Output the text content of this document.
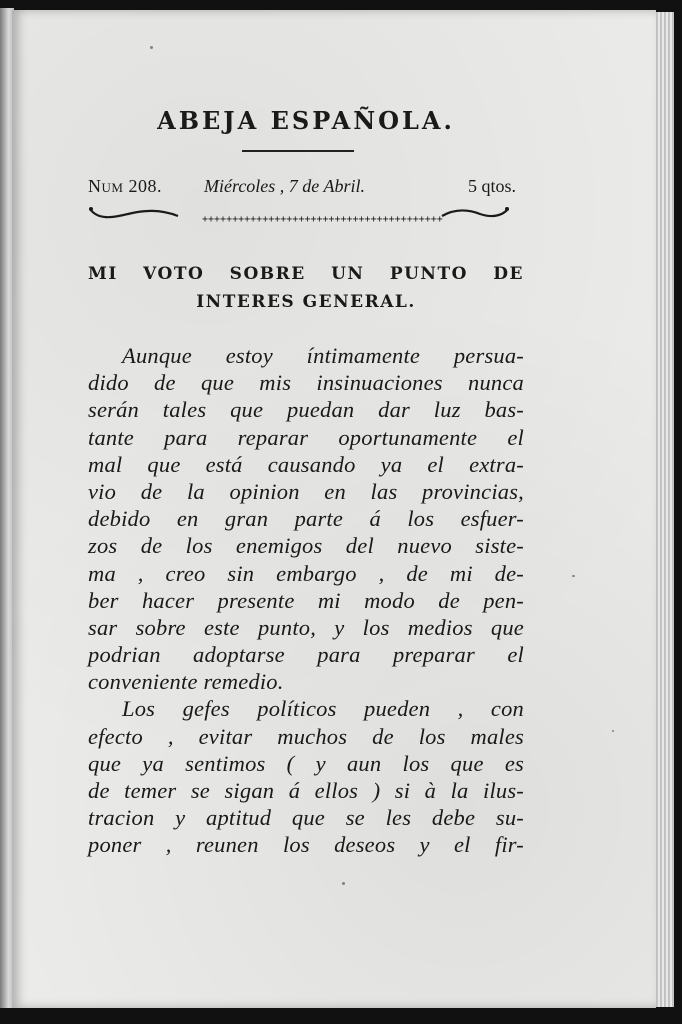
ABEJA ESPAÑOLA.
Num 208. Miércoles , 7 de Abril.	5 qtos.
++++++++++++++++++++++++++++++++++++++++
MI VOTO SOBRE UN PUNTO DE
INTERES GENERAL.
Aunque estoy íntimamente persua-
dido de que mis insinuaciones nunca
serán tales que puedan dar luz bas-
tante para reparar oportunamente el
mal que está causando ya el extra-
vio de la opinion en las provincias,
debido en gran parte á los esfuer-
zos de los enemigos del nuevo siste-
ma , creo sin embargo , de mi de-
ber hacer presente mi modo de pen-
sar sobre este punto, y los medios que
podrian adoptarse para preparar el
conveniente remedio.
Los gefes políticos pueden , con
efecto , evitar muchos de los males
que ya sentimos ( y aun los que es
de temer se sigan á ellos ) si à la ilus-
tracion y aptitud que se les debe su-
poner , reunen los deseos y el fir-
